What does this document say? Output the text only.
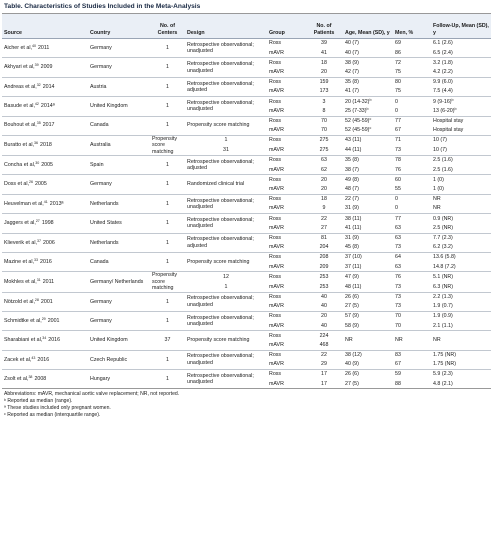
Table. Characteristics of Studies Included in the Meta-Analysis
Source	Country	No. of Centers	Design	Group	No. of Patients	Age, Mean (SD), y	Men, %	Follow-Up, Mean (SD), y
Aicher et al,$^{40}$ 2011	Germany	1	Retrospective observational; unadjusted	Ross	39	40 (7)	69	6.1 (2.6)
				mAVR	41	40 (7)	86	6.5 (2.4)
Akhyari et al,$^{39}$ 2009	Germany	1	Retrospective observational; unadjusted	Ross	18	38 (9)	72	3.2 (1.8)
				mAVR	20	42 (7)	75	4.2 (2.2)
Andreas et al,$^{32}$ 2014	Austria	1	Retrospective observational; adjusted	Ross	159	35 (8)	80	9.9 (6.0)
				mAVR	173	41 (7)	75	7.5 (4.4)
Basude et al,$^{42}$ 2014ª	United Kingdom	1	Retrospective observational; unadjusted	Ross	3	20 $(14-32)^b$	0	9 $(9-16)^b$
				mAVR	8	25 $(7-33)^b$	0	13 $(6-20)^b$
Bouhout et al,$^{35}$ 2017	Canada	1	Propensity score matching	Ross	70	52 $(45-59)^c$	77	Hospital stay
				mAVR	70	52 $(45-59)^c$	67	Hospital stay
Buratto et al,$^{36}$ 2018	Australia	Propensity score matching	1	Ross	275	43 (11)	71	10 (7)
			31	mAVR	275	44 (11)	73	10 (7)
Concha et al,$^{30}$ 2005	Spain	1	Retrospective observational; adjusted	Ross	63	35 (8)	78	2.5 (1.6)
				mAVR	62	38 (7)	76	2.5 (1.6)
Doss et al,$^{26}$ 2005	Germany	1	Randomized clinical trial	Ross	20	49 (8)	60	1 (0)
				mAVR	20	48 (7)	55	1 (0)
Heuvelman et al,$^{41}$ 2013ª	Netherlands	1	Retrospective observational; unadjusted	Ross	18	22 (7)	0	NR
				mAVR	9	31 (9)	0	NR
Jaggers et al,$^{27}$ 1998	United States	1	Retrospective observational; unadjusted	Ross	22	38 (11)	77	0.9 (NR)
				mAVR	27	41 (11)	63	2.5 (NR)
Klieverik et al,$^{37}$ 2006	Netherlands	1	Retrospective observational; adjusted	Ross	81	31 (9)	63	7.7 (2.3)
				mAVR	204	45 (8)	73	6.2 (3.2)
Mazine et al,$^{33}$ 2016	Canada	1	Propensity score matching	Ross	208	37 (10)	64	13.6 (5.8)
				mAVR	209	37 (11)	63	14.8 (7.2)
Mokhles et al,$^{31}$ 2011	Germany/ Netherlands	Propensity score matching	12	Ross	253	47 (9)	76	5.1 (NR)
			1	mAVR	253	48 (11)	73	6.3 (NR)
Nötzold et al,$^{28}$ 2001	Germany	1	Retrospective observational; unadjusted	Ross	40	26 (6)	73	2.2 (1.3)
				mAVR	40	27 (5)	73	1.9 (0.7)
Schmidtke et al,$^{29}$ 2001	Germany	1	Retrospective observational; unadjusted	Ross	20	57 (9)	70	1.9 (0.9)
				mAVR	40	58 (9)	70	2.1 (1.1)
Sharabiani et al,$^{34}$ 2016	United Kingdom	37	Propensity score matching	Ross	224	NR	NR	NR
				mAVR	468			
Zacek et al,$^{43}$ 2016	Czech Republic	1	Retrospective observational; unadjusted	Ross	22	38 (12)	83	1.75 (NR)
				mAVR	29	40 (9)	67	1.75 (NR)
Zsolt et al,$^{38}$ 2008	Hungary	1	Retrospective observational; unadjusted	Ross	17	26 (6)	59	5.9 (2.3)
				mAVR	17	27 (5)	88	4.8 (2.1)
Abbreviations: mAVR, mechanical aortic valve replacement; NR, not reported.
ᵇ Reported as median (range).
ª These studies included only pregnant women.
ᶜ Reported as median (interquartile range).
